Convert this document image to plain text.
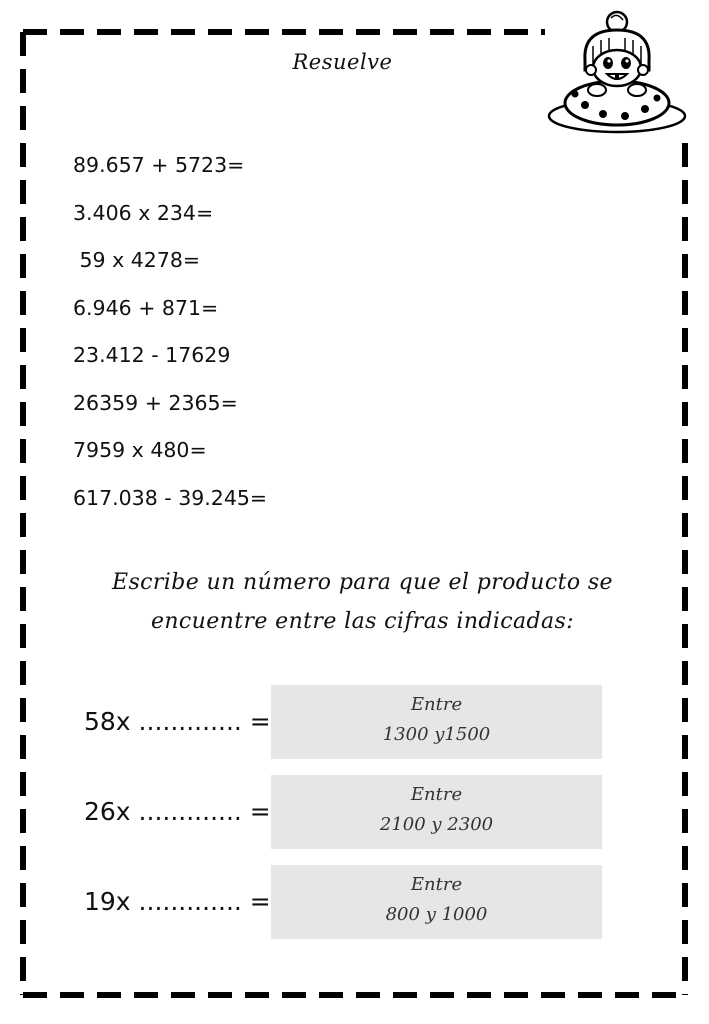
Resuelve
89.657 + 5723=
3.406 x 234=
59 x 4278=
6.946 + 871=
23.412 - 17629
26359 + 2365=
7959 x 480=
617.038 - 39.245=
Escribe un número para que el producto se
encuentre entre las cifras indicadas:
58x ............. =
Entre
1300 y1500
26x ............. =
Entre
2100 y 2300
19x ............. =
Entre
800 y 1000
